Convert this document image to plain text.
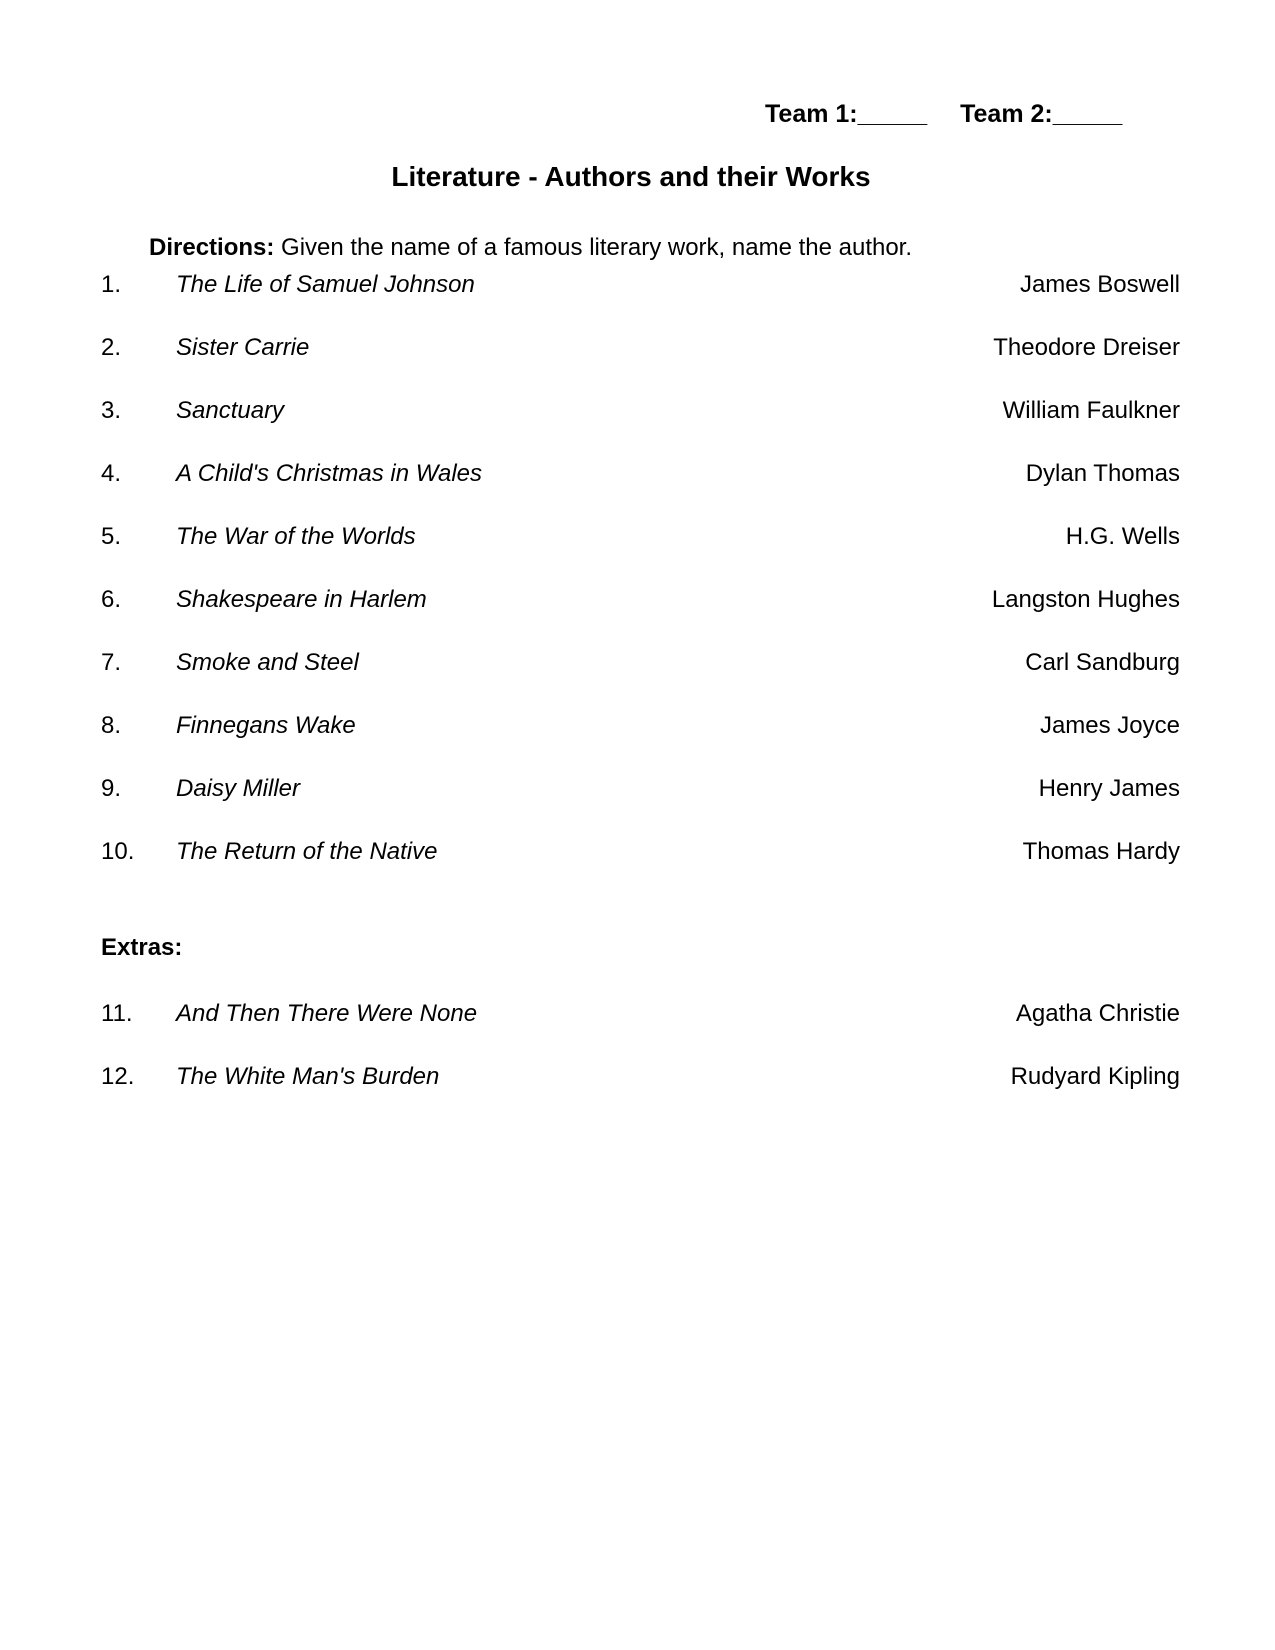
Team 1:_____ Team 2:_____
Literature - Authors and their Works
Directions: Given the name of a famous literary work, name the author.
1. The Life of Samuel Johnson	James Boswell
2. Sister Carrie	Theodore Dreiser
3. Sanctuary	William Faulkner
4. A Child's Christmas in Wales	Dylan Thomas
5. The War of the Worlds	H.G. Wells
6. Shakespeare in Harlem	Langston Hughes
7. Smoke and Steel	Carl Sandburg
8. Finnegans Wake	James Joyce
9. Daisy Miller	Henry James
10. The Return of the Native	Thomas Hardy
Extras:
11. And Then There Were None	Agatha Christie
12. The White Man's Burden	Rudyard Kipling
